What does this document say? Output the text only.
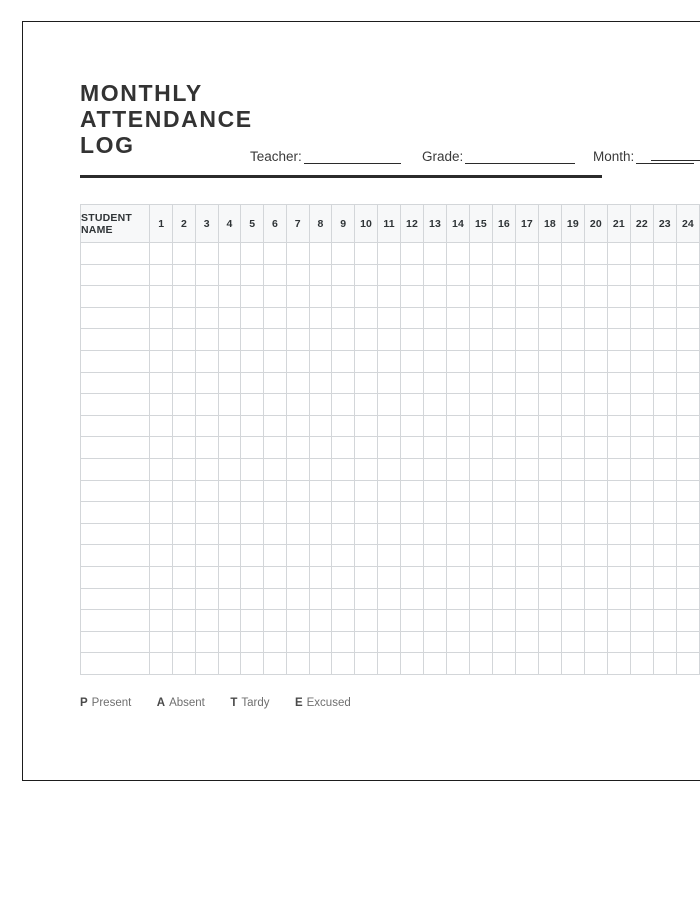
MONTHLY
ATTENDANCE
LOG	Teacher:	Grade:	Month:
STUDENT
NAME	1	2	3	4	5	6	7	8	9	10	11	12	13	14	15	16	17	18	19	20	21	22	23	24

P Present A Absent T Tardy E Excused
